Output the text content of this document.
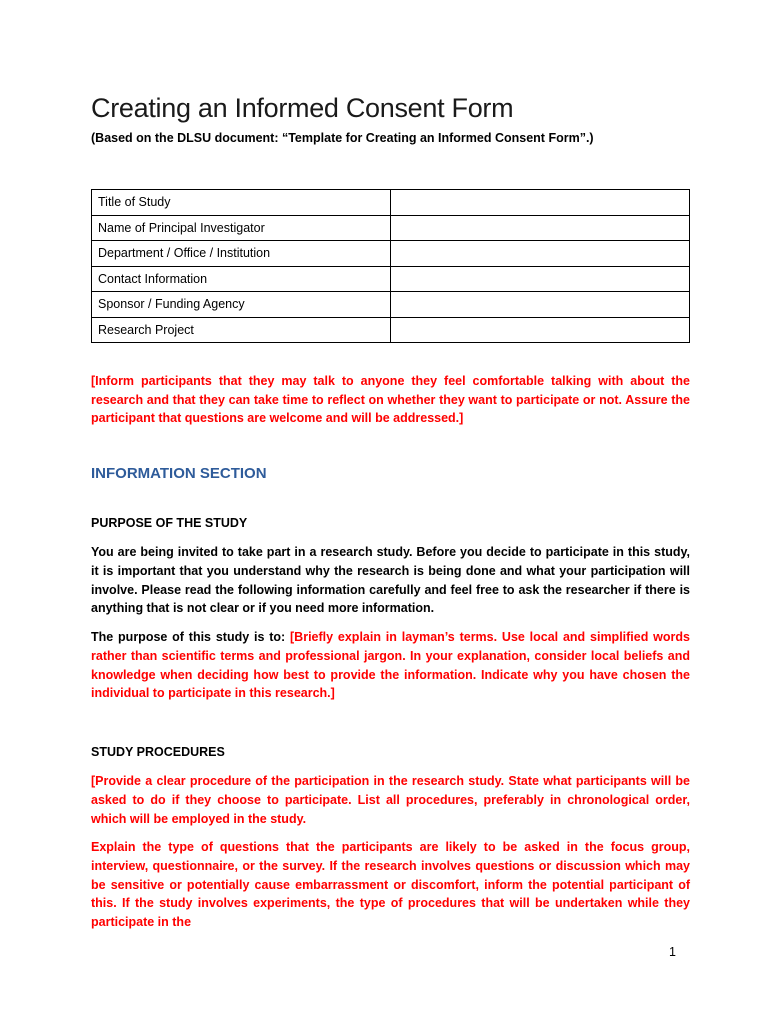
Creating an Informed Consent Form

(Based on the DLSU document: “Template for Creating an Informed Consent Form”.)

Title of Study	
Name of Principal Investigator	
Department / Office / Institution	
Contact Information	
Sponsor / Funding Agency	
Research Project	

[Inform participants that they may talk to anyone they feel comfortable talking with about the research and that they can take time to reflect on whether they want to participate or not. Assure the participant that questions are welcome and will be addressed.]

INFORMATION SECTION
PURPOSE OF THE STUDY

You are being invited to take part in a research study. Before you decide to participate in this study, it is important that you understand why the research is being done and what your participation will involve. Please read the following information carefully and feel free to ask the researcher if there is anything that is not clear or if you need more information.

The purpose of this study is to: [Briefly explain in layman’s terms. Use local and simplified words rather than scientific terms and professional jargon. In your explanation, consider local beliefs and knowledge when deciding how best to provide the information. Indicate why you have chosen the individual to participate in this research.]

STUDY PROCEDURES

[Provide a clear procedure of the participation in the research study. State what participants will be asked to do if they choose to participate. List all procedures, preferably in chronological order, which will be employed in the study.

Explain the type of questions that the participants are likely to be asked in the focus group, interview, questionnaire, or the survey. If the research involves questions or discussion which may be sensitive or potentially cause embarrassment or discomfort, inform the potential participant of this. If the study involves experiments, the type of procedures that will be undertaken while they participate in the

1
